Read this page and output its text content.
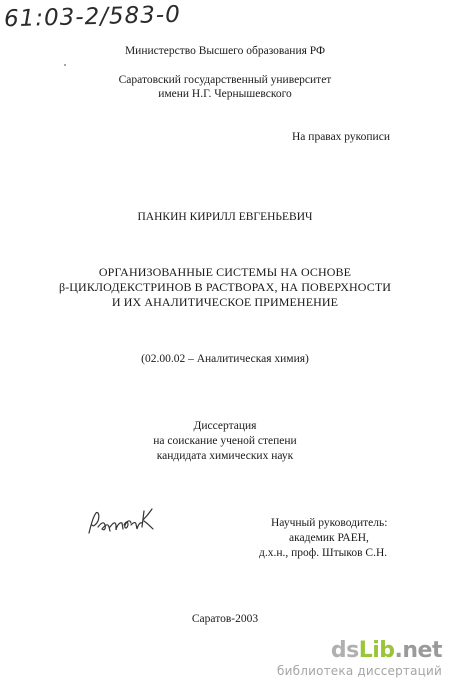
61:03-2/583-0
Министерство Высшего образования РФ
Саратовский государственный университет
имени Н.Г. Чернышевского
На правах рукописи
ПАНКИН КИРИЛЛ ЕВГЕНЬЕВИЧ
ОРГАНИЗОВАННЫЕ СИСТЕМЫ НА ОСНОВЕ
β-ЦИКЛОДЕКСТРИНОВ В РАСТВОРАХ, НА ПОВЕРХНОСТИ
И ИХ АНАЛИТИЧЕСКОЕ ПРИМЕНЕНИЕ
(02.00.02 – Аналитическая химия)
Диссертация
на соискание ученой степени
кандидата химических наук
Научный руководитель:
академик РАЕН,
д.х.н., проф. Штыков С.Н.
Саратов-2003
dsLib.net
библиотека диссертаций
